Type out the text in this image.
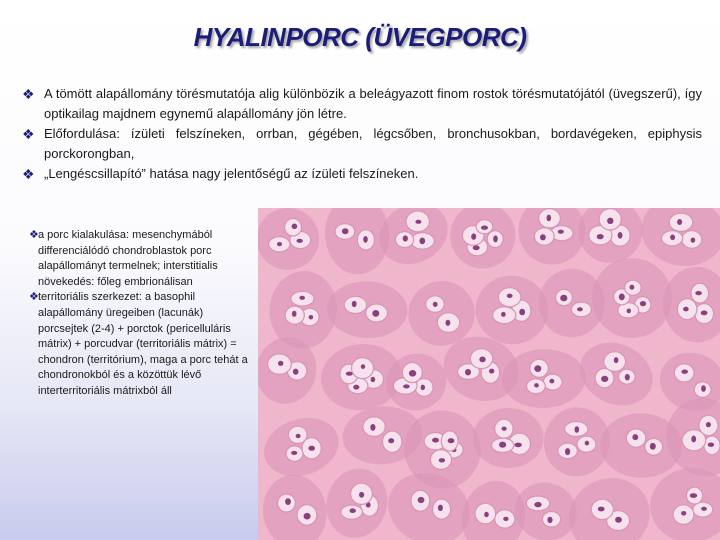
HYALINPORC (ÜVEGPORC)
❖ A tömött alapállomány törésmutatója alig különbözik a beleágyazott finom rostok törésmutatójától (üvegszerű), így optikailag majdnem egynemű alapállomány jön létre.
❖ Előfordulása: ízületi felszíneken, orrban, gégében, légcsőben, bronchusokban, bordavégeken, epiphysis porckorongban,
❖ „Lengéscsillapító” hatása nagy jelentőségű az ízületi felszíneken.
❖ a porc kialakulása: mesenchymából differenciálódó chondroblastok porc alapállományt termelnek; interstitialis növekedés: főleg embrionálisan
❖ territoriális szerkezet: a basophil alapállomány üregeiben (lacunák) porcsejtek (2-4) + porctok (pericelluláris mátrix) + porcudvar (territoriális mátrix) = chondron (territórium), maga a porc tehát a chondronokból és a közöttük lévő interterritoriális mátrixból áll
